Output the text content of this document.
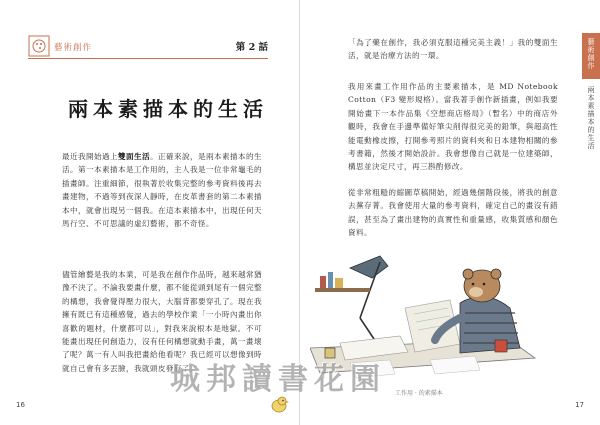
藝術創作	第 2 話
兩本素描本的生活

最近我開始過上雙面生活。正確來說，是兩本素描本的生活。第一本素描本是工作用的，主人我是一位非常龜毛的插畫師。注重細節，很執著於收集完整的參考資料後再去畫建物，不過等到夜深人靜時，在皮革書套的第二本素描本中，就會出現另一個我。在這本素描本中，出現任何天馬行空、不可思議的虛幻藝術，都不奇怪。

儘管繪藝是我的本業，可是我在創作作品時，越來越常猶豫不決了。不論我要畫什麼，都不能從頭到尾有一個完整的構想，我會覺得壓力很大，大腦背都要穿孔了。現在我擁有既已有這種感覺，過去的學校作業「一小時內畫出你喜歡的題材，什麼都可以」，對我來說根本是地獄。不可能畫出現任何創造力，沒有任何構想就動手畫，萬一畫壞了呢？萬一有人叫我把畫給他看呢？我已經可以想像到時就自己會有多丟臉，我就頭皮發麻了。

16

「為了藥在創作，我必須克服這種完美主義！」我的雙面生活，就是治療方法的一環。

我用來畫工作用作品的主要素描本，是 MD Notebook Cotton（F3 變形規格）。當我著手創作新插畫，例如我要開始畫下一本作品集《空想商店格局》（暫名）中的商店外觀時，我會在手邊準備好筆尖削得很完美的鉛筆，與超高性能電動橡皮擦，打開參考照片的資料夾和日本建物相關的參考書籍，然後才開始設計。我會想像自己就是一位建築師，構思並決定尺寸，再三斟酌修改。

從非常粗糙的縮圖草稿開始，經過幾個階段後，將我的創意去蕪存菁。我會使用大量的參考資料，確定自己的畫沒有錯誤，甚至為了畫出建物的真實性和重量感，收集質感和顏色資料。

藝術創作
兩本素描本的生活
17
工作用 · 的素描本
城邦讀書花園
